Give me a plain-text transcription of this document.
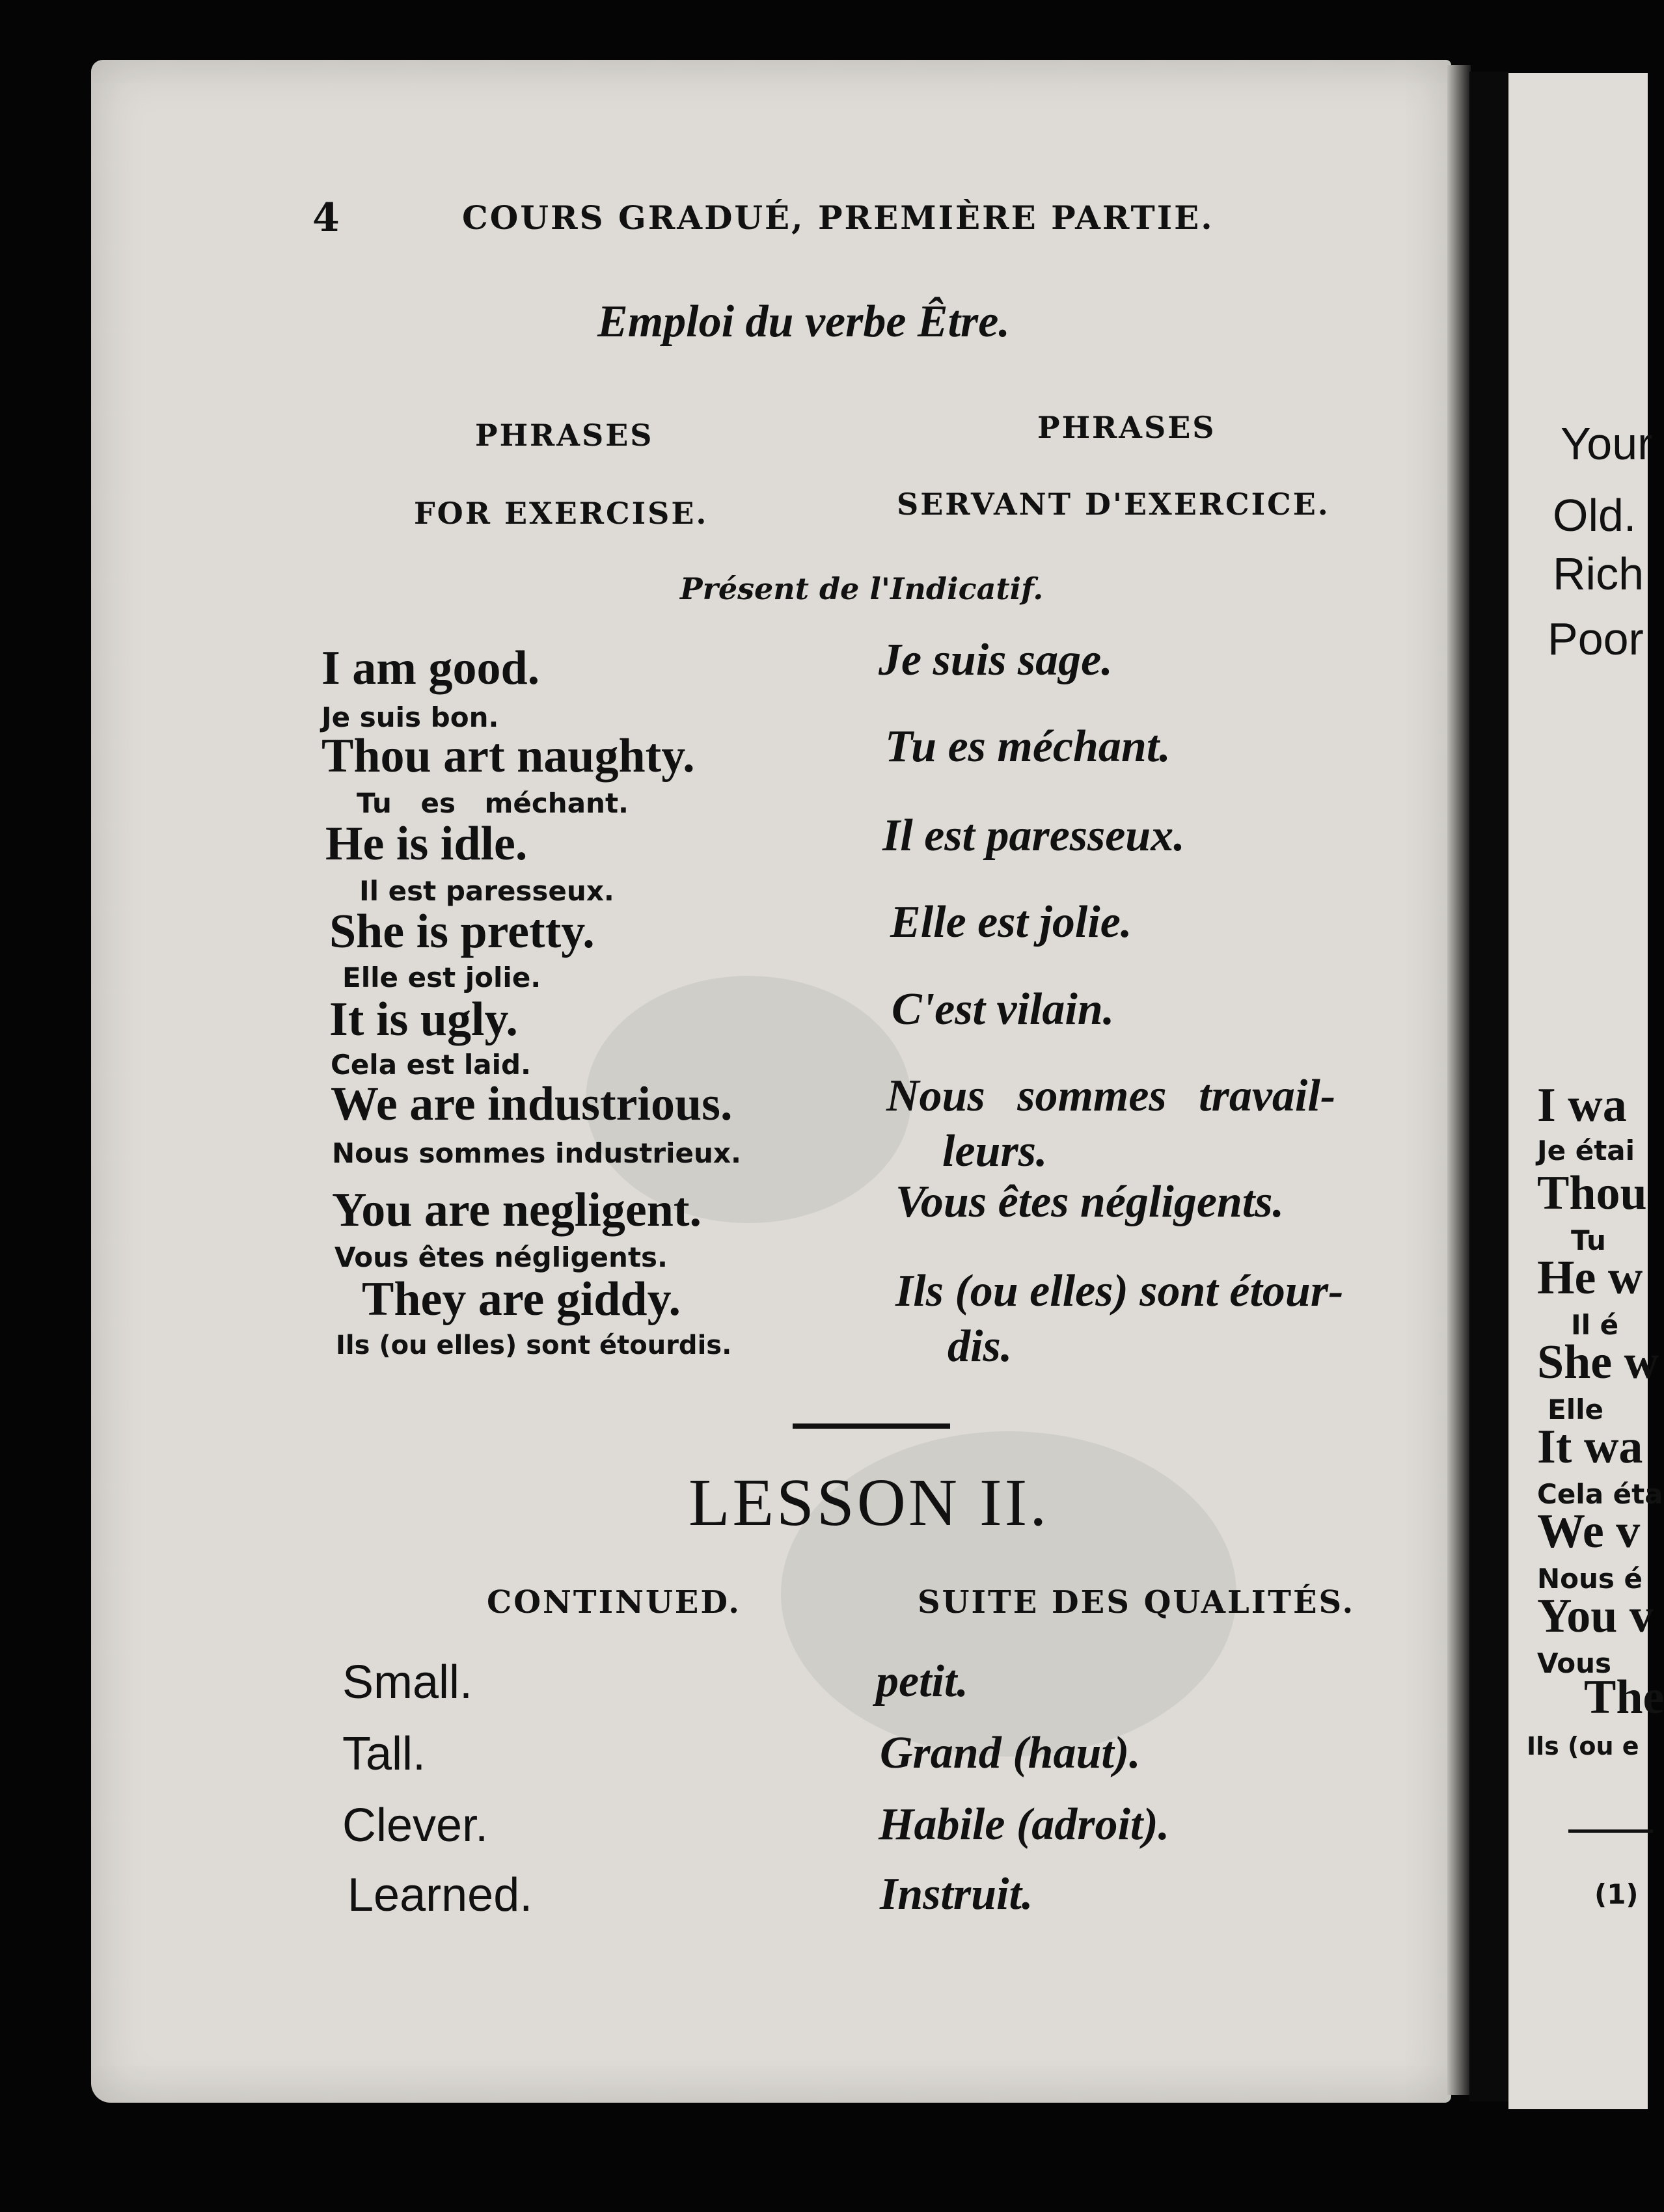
4	COURS GRADUÉ, PREMIÈRE PARTIE.
Emploi du verbe Être.
PHRASES
FOR EXERCISE.
PHRASES
SERVANT D'EXERCICE.
Présent de l'Indicatif.
I am good.
Thou art naughty.
He is idle.
She is pretty.
It is ugly.
We are industrious.
You are negligent.
They are giddy.
Je suis bon.
Tu es méchant.
Il est paresseux.
Elle est jolie.
Cela est laid.
Nous sommes industrieux.
Vous êtes négligents.
Ils (ou elles) sont étourdis.
Je suis sage.
Tu es méchant.
Il est paresseux.
Elle est jolie.
C'est vilain.
Nous sommes travail-
leurs.
Vous êtes négligents.
Ils (ou elles) sont étour-
dis.
LESSON II.
CONTINUED.	SUITE DES QUALITÉS.
Small.
Tall.
Clever.
Learned.
petit.
Grand (haut).
Habile (adroit).
Instruit.
Your
Old.
Rich
Poor
I wa
Je étai
Thou
Tu
He w
Il é
She w
Elle
It wa
Cela éta
We v
Nous é
You v
Vous
The
Ils (ou e
(1)
